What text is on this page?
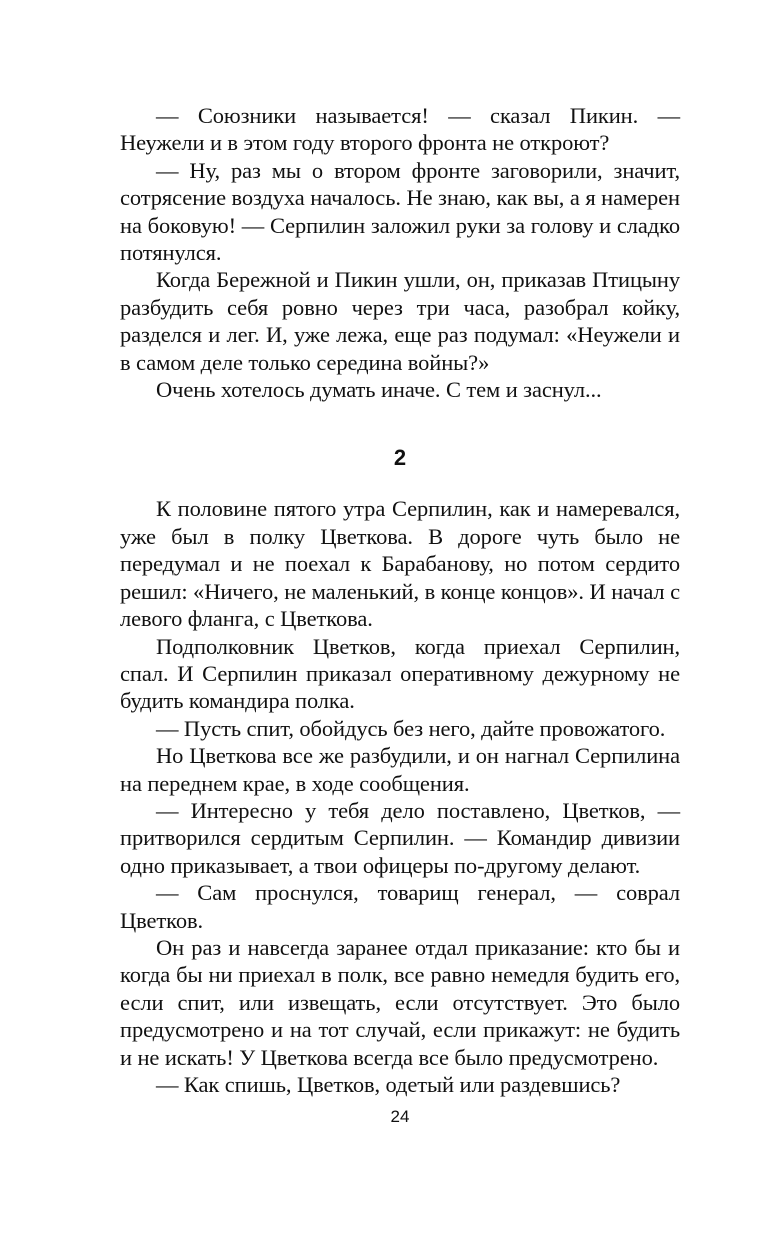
— Союзники называется! — сказал Пикин. — Неужели и в этом году второго фронта не откроют?

— Ну, раз мы о втором фронте заговорили, значит, сотрясение воздуха началось. Не знаю, как вы, а я намерен на боковую! — Серпилин заложил руки за голову и сладко потянулся.

Когда Бережной и Пикин ушли, он, приказав Птицыну разбудить себя ровно через три часа, разобрал койку, разделся и лег. И, уже лежа, еще раз подумал: «Неужели и в самом деле только середина войны?»

Очень хотелось думать иначе. С тем и заснул...

2

К половине пятого утра Серпилин, как и намеревался, уже был в полку Цветкова. В дороге чуть было не передумал и не поехал к Барабанову, но потом сердито решил: «Ничего, не маленький, в конце концов». И начал с левого фланга, с Цветкова.

Подполковник Цветков, когда приехал Серпилин, спал. И Серпилин приказал оперативному дежурному не будить командира полка.

— Пусть спит, обойдусь без него, дайте провожатого.

Но Цветкова все же разбудили, и он нагнал Серпилина на переднем крае, в ходе сообщения.

— Интересно у тебя дело поставлено, Цветков, — притворился сердитым Серпилин. — Командир дивизии одно приказывает, а твои офицеры по-другому делают.

— Сам проснулся, товарищ генерал, — соврал Цветков.

Он раз и навсегда заранее отдал приказание: кто бы и когда бы ни приехал в полк, все равно немедля будить его, если спит, или извещать, если отсутствует. Это было предусмотрено и на тот случай, если прикажут: не будить и не искать! У Цветкова всегда все было предусмотрено.

— Как спишь, Цветков, одетый или раздевшись?

24
